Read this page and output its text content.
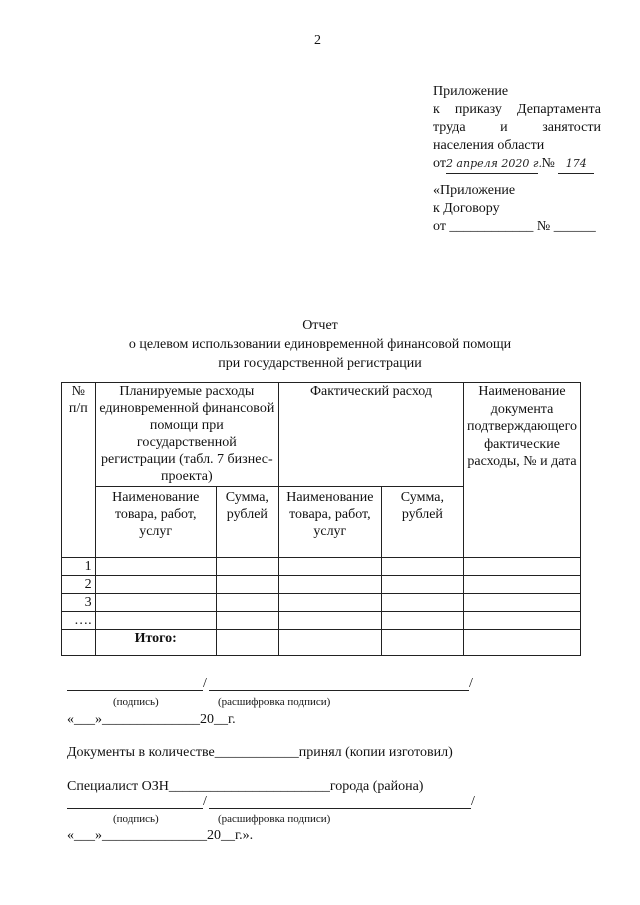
2
Приложение
к приказу Департамента
труда и занятости
населения области
от2 апреля 2020 г. № 174
«Приложение
к Договору
от ____________ № ______
Отчет
о целевом использовании единовременной финансовой помощи
при государственной регистрации
№ п/п	Планируемые расходы единовременной финансовой помощи при государственной регистрации (табл. 7 бизнес-проекта)		Фактический расход		Наименование документа подтверждающего фактические расходы, № и дата
	Наименование товара, работ, услуг	Сумма, рублей	Наименование товара, работ, услуг	Сумма, рублей	
1					
2					
3					
….					
	Итого:				
/	/
(подпись)	(расшифровка подписи)
«___»______________20__г.
Документы в количестве____________принял (копии изготовил)
Специалист ОЗН_______________________города (района)
/	/
(подпись)	(расшифровка подписи)
«___»_______________20__г.».
